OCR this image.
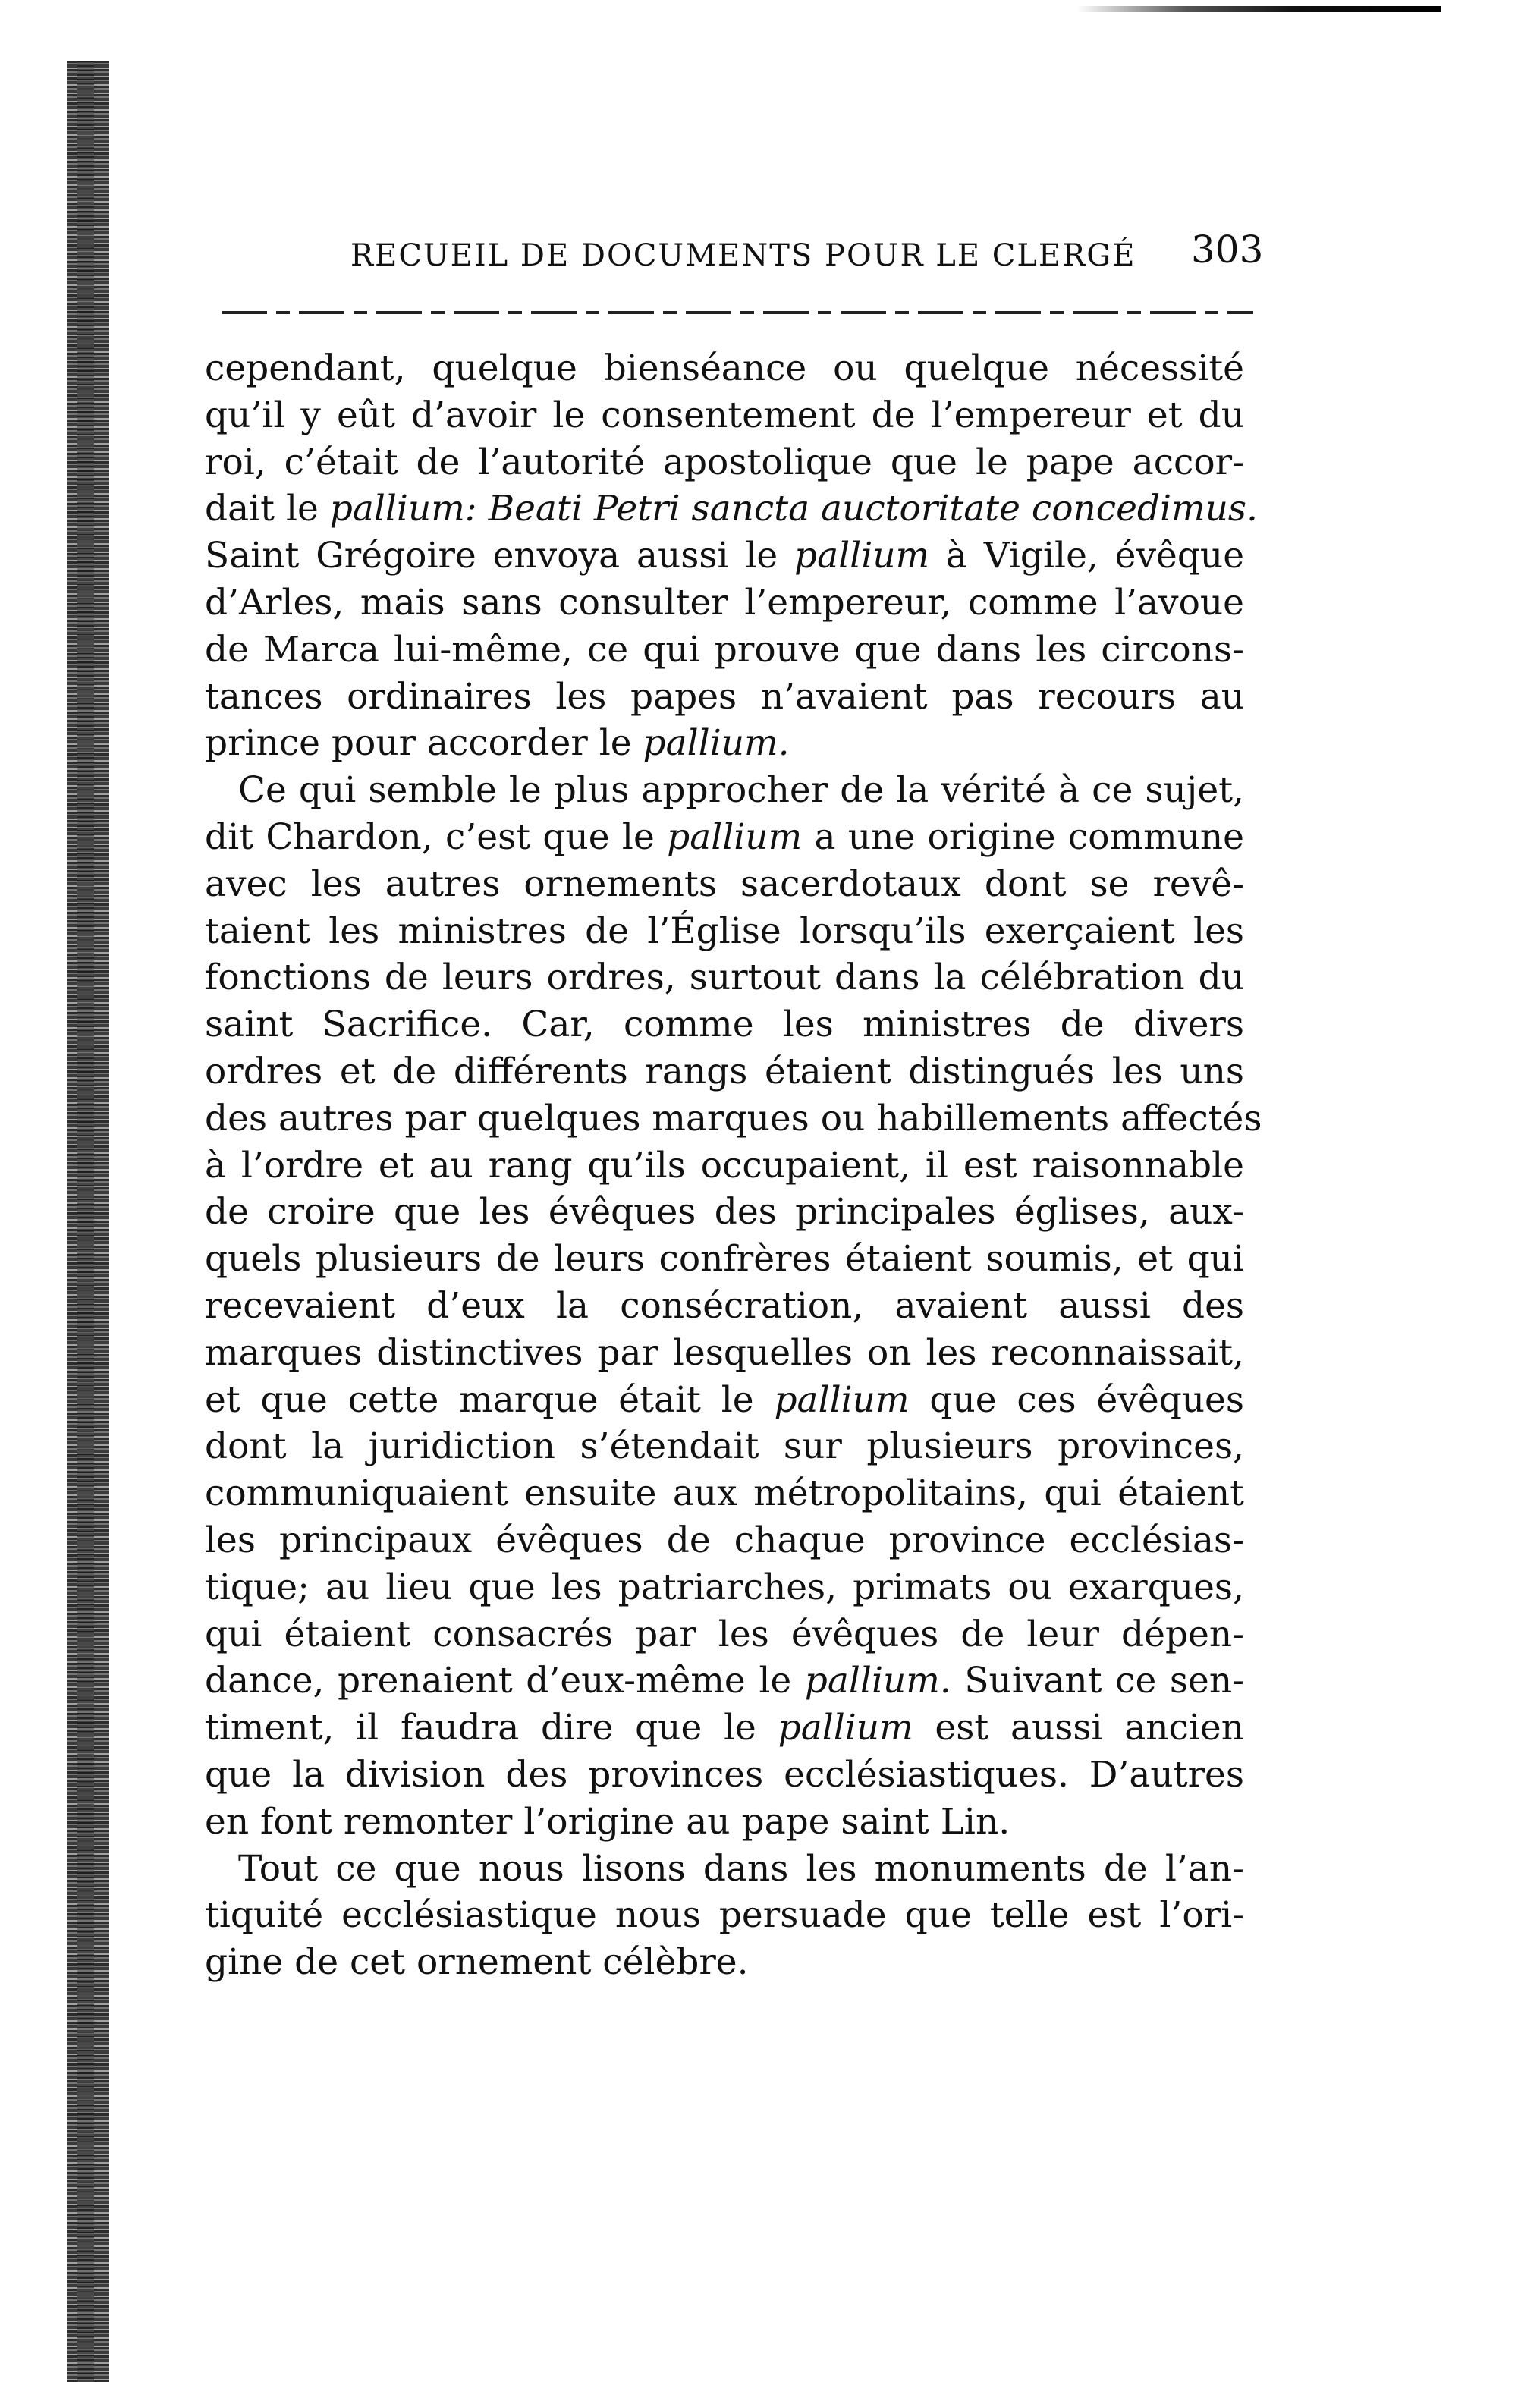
RECUEIL DE DOCUMENTS POUR LE CLERGÉ 303
cependant, quelque bienséance ou quelque nécessité
qu’il y eût d’avoir le consentement de l’empereur et du
roi, c’était de l’autorité apostolique que le pape accor-
dait le pallium: Beati Petri sancta auctoritate concedimus.
Saint Grégoire envoya aussi le pallium à Vigile, évêque
d’Arles, mais sans consulter l’empereur, comme l’avoue
de Marca lui-même, ce qui prouve que dans les circons-
tances ordinaires les papes n’avaient pas recours au
prince pour accorder le pallium.
Ce qui semble le plus approcher de la vérité à ce sujet,
dit Chardon, c’est que le pallium a une origine commune
avec les autres ornements sacerdotaux dont se revê-
taient les ministres de l’Église lorsqu’ils exerçaient les
fonctions de leurs ordres, surtout dans la célébration du
saint Sacrifice. Car, comme les ministres de divers
ordres et de différents rangs étaient distingués les uns
des autres par quelques marques ou habillements affectés
à l’ordre et au rang qu’ils occupaient, il est raisonnable
de croire que les évêques des principales églises, aux-
quels plusieurs de leurs confrères étaient soumis, et qui
recevaient d’eux la consécration, avaient aussi des
marques distinctives par lesquelles on les reconnaissait,
et que cette marque était le pallium que ces évêques
dont la juridiction s’étendait sur plusieurs provinces,
communiquaient ensuite aux métropolitains, qui étaient
les principaux évêques de chaque province ecclésias-
tique; au lieu que les patriarches, primats ou exarques,
qui étaient consacrés par les évêques de leur dépen-
dance, prenaient d’eux-même le pallium. Suivant ce sen-
timent, il faudra dire que le pallium est aussi ancien
que la division des provinces ecclésiastiques. D’autres
en font remonter l’origine au pape saint Lin.
Tout ce que nous lisons dans les monuments de l’an-
tiquité ecclésiastique nous persuade que telle est l’ori-
gine de cet ornement célèbre.
